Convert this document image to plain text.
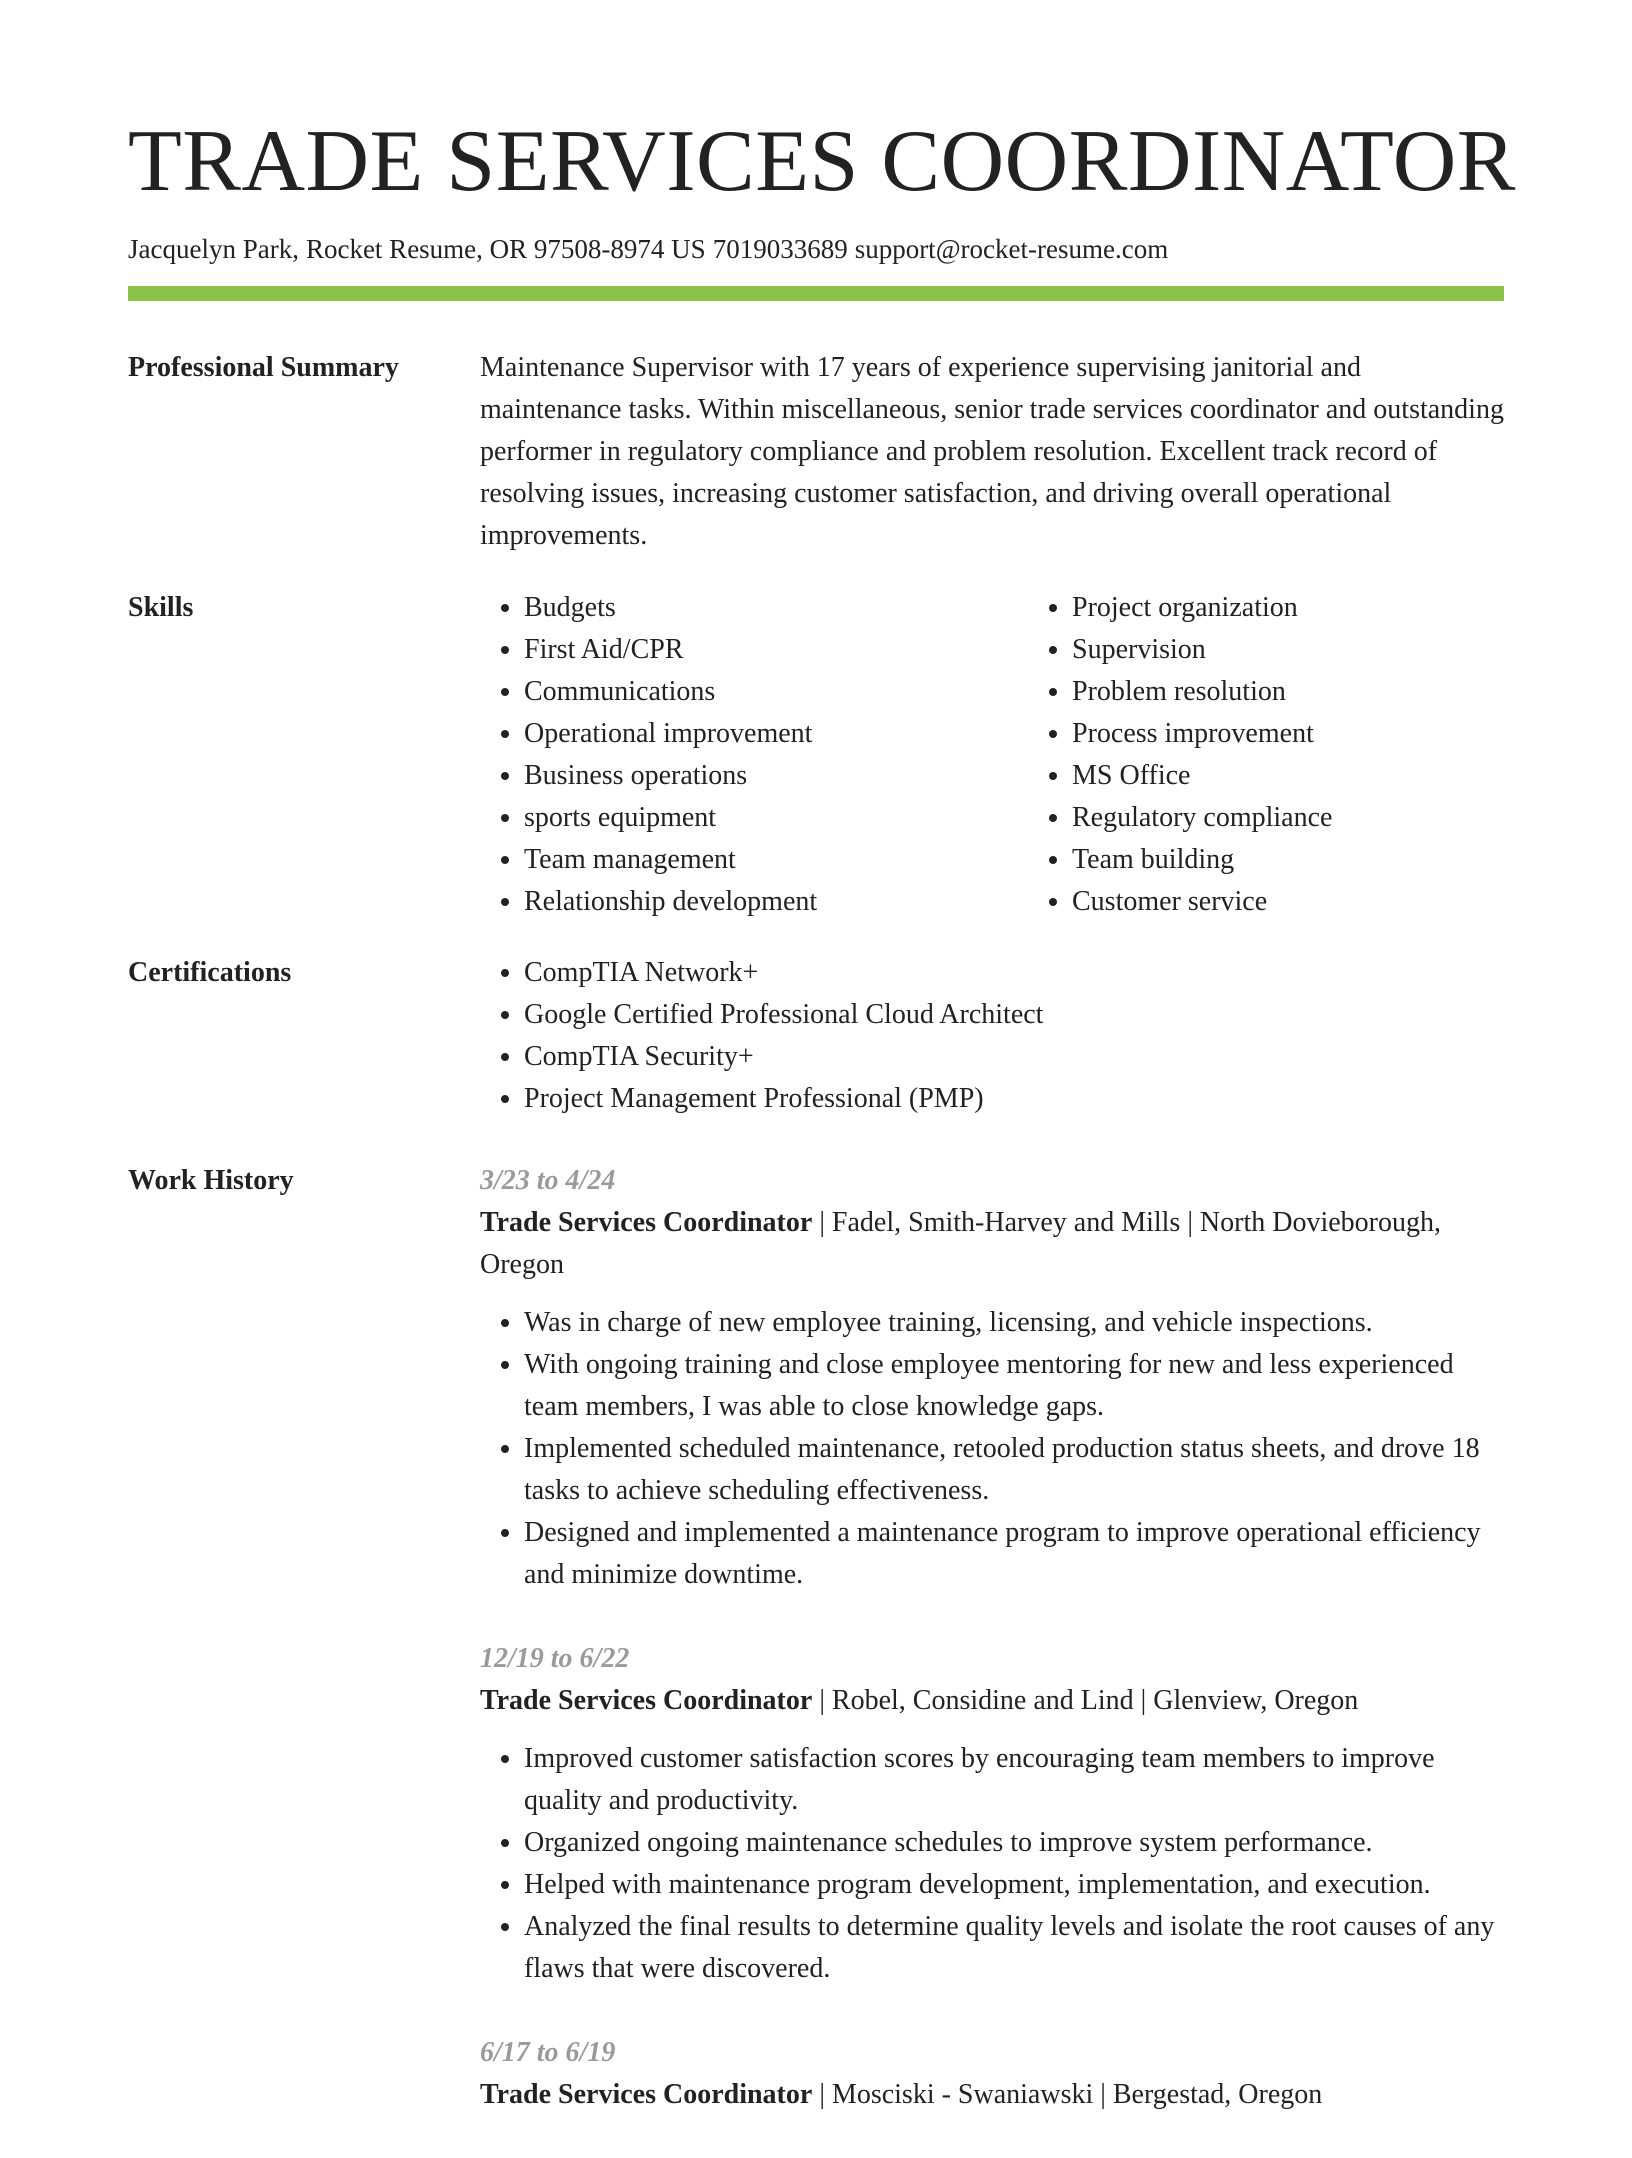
TRADE SERVICES COORDINATOR
Jacquelyn Park, Rocket Resume, OR 97508-8974 US 7019033689 support@rocket-resume.com
Professional Summary	Maintenance Supervisor with 17 years of experience supervising janitorial and maintenance tasks. Within miscellaneous, senior trade services coordinator and outstanding performer in regulatory compliance and problem resolution. Excellent track record of resolving issues, increasing customer satisfaction, and driving overall operational improvements.

Skills	• Budgets
• First Aid/CPR
• Communications
• Operational improvement
• Business operations
• sports equipment
• Team management
• Relationship development
• Project organization
• Supervision
• Problem resolution
• Process improvement
• MS Office
• Regulatory compliance
• Team building
• Customer service
Certifications	• CompTIA Network+
• Google Certified Professional Cloud Architect
• CompTIA Security+
• Project Management Professional (PMP)
Work History	3/23 to 4/24
Trade Services Coordinator | Fadel, Smith-Harvey and Mills | North Dovieborough, Oregon
• Was in charge of new employee training, licensing, and vehicle inspections.
• With ongoing training and close employee mentoring for new and less experienced team members, I was able to close knowledge gaps.
• Implemented scheduled maintenance, retooled production status sheets, and drove 18 tasks to achieve scheduling effectiveness.
• Designed and implemented a maintenance program to improve operational efficiency and minimize downtime.
12/19 to 6/22
Trade Services Coordinator | Robel, Considine and Lind | Glenview, Oregon
• Improved customer satisfaction scores by encouraging team members to improve quality and productivity.
• Organized ongoing maintenance schedules to improve system performance.
• Helped with maintenance program development, implementation, and execution.
• Analyzed the final results to determine quality levels and isolate the root causes of any flaws that were discovered.
6/17 to 6/19
Trade Services Coordinator | Mosciski - Swaniawski | Bergestad, Oregon
